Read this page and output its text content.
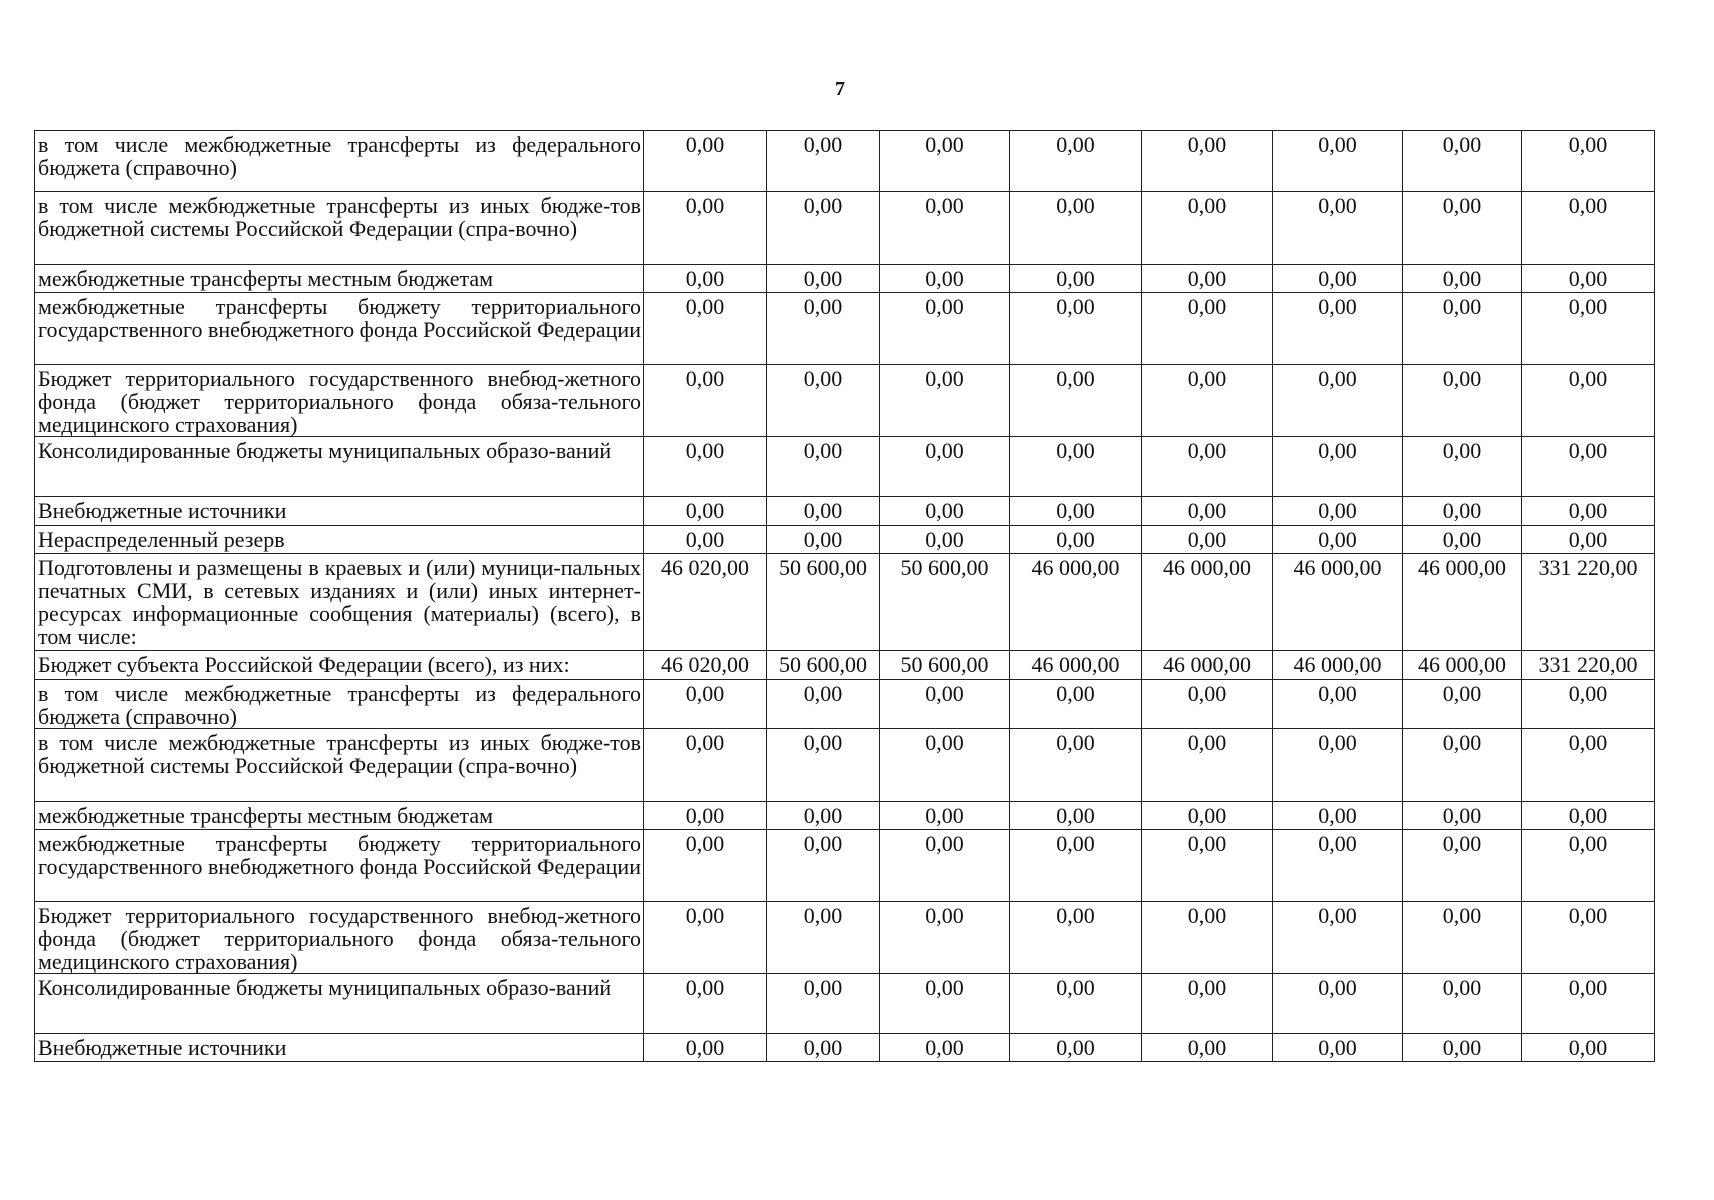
7
в том числе межбюджетные трансферты из федерального бюджета (справочно)	0,00	0,00	0,00	0,00	0,00	0,00	0,00	0,00
в том числе межбюджетные трансферты из иных бюдже-тов бюджетной системы Российской Федерации (спра-вочно)	0,00	0,00	0,00	0,00	0,00	0,00	0,00	0,00
межбюджетные трансферты местным бюджетам	0,00	0,00	0,00	0,00	0,00	0,00	0,00	0,00
межбюджетные трансферты бюджету территориального государственного внебюджетного фонда Российской Федерации	0,00	0,00	0,00	0,00	0,00	0,00	0,00	0,00
Бюджет территориального государственного внебюд-жетного фонда (бюджет территориального фонда обяза-тельного медицинского страхования)	0,00	0,00	0,00	0,00	0,00	0,00	0,00	0,00
Консолидированные бюджеты муниципальных образо-ваний	0,00	0,00	0,00	0,00	0,00	0,00	0,00	0,00
Внебюджетные источники	0,00	0,00	0,00	0,00	0,00	0,00	0,00	0,00
Нераспределенный резерв	0,00	0,00	0,00	0,00	0,00	0,00	0,00	0,00
Подготовлены и размещены в краевых и (или) муници-пальных печатных СМИ, в сетевых изданиях и (или) иных интернет-ресурсах информационные сообщения (материалы) (всего), в том числе:	46 020,00	50 600,00	50 600,00	46 000,00	46 000,00	46 000,00	46 000,00	331 220,00
Бюджет субъекта Российской Федерации (всего), из них:	46 020,00	50 600,00	50 600,00	46 000,00	46 000,00	46 000,00	46 000,00	331 220,00
в том числе межбюджетные трансферты из федерального бюджета (справочно)	0,00	0,00	0,00	0,00	0,00	0,00	0,00	0,00
в том числе межбюджетные трансферты из иных бюдже-тов бюджетной системы Российской Федерации (спра-вочно)	0,00	0,00	0,00	0,00	0,00	0,00	0,00	0,00
межбюджетные трансферты местным бюджетам	0,00	0,00	0,00	0,00	0,00	0,00	0,00	0,00
межбюджетные трансферты бюджету территориального государственного внебюджетного фонда Российской Федерации	0,00	0,00	0,00	0,00	0,00	0,00	0,00	0,00
Бюджет территориального государственного внебюд-жетного фонда (бюджет территориального фонда обяза-тельного медицинского страхования)	0,00	0,00	0,00	0,00	0,00	0,00	0,00	0,00
Консолидированные бюджеты муниципальных образо-ваний	0,00	0,00	0,00	0,00	0,00	0,00	0,00	0,00
Внебюджетные источники	0,00	0,00	0,00	0,00	0,00	0,00	0,00	0,00
